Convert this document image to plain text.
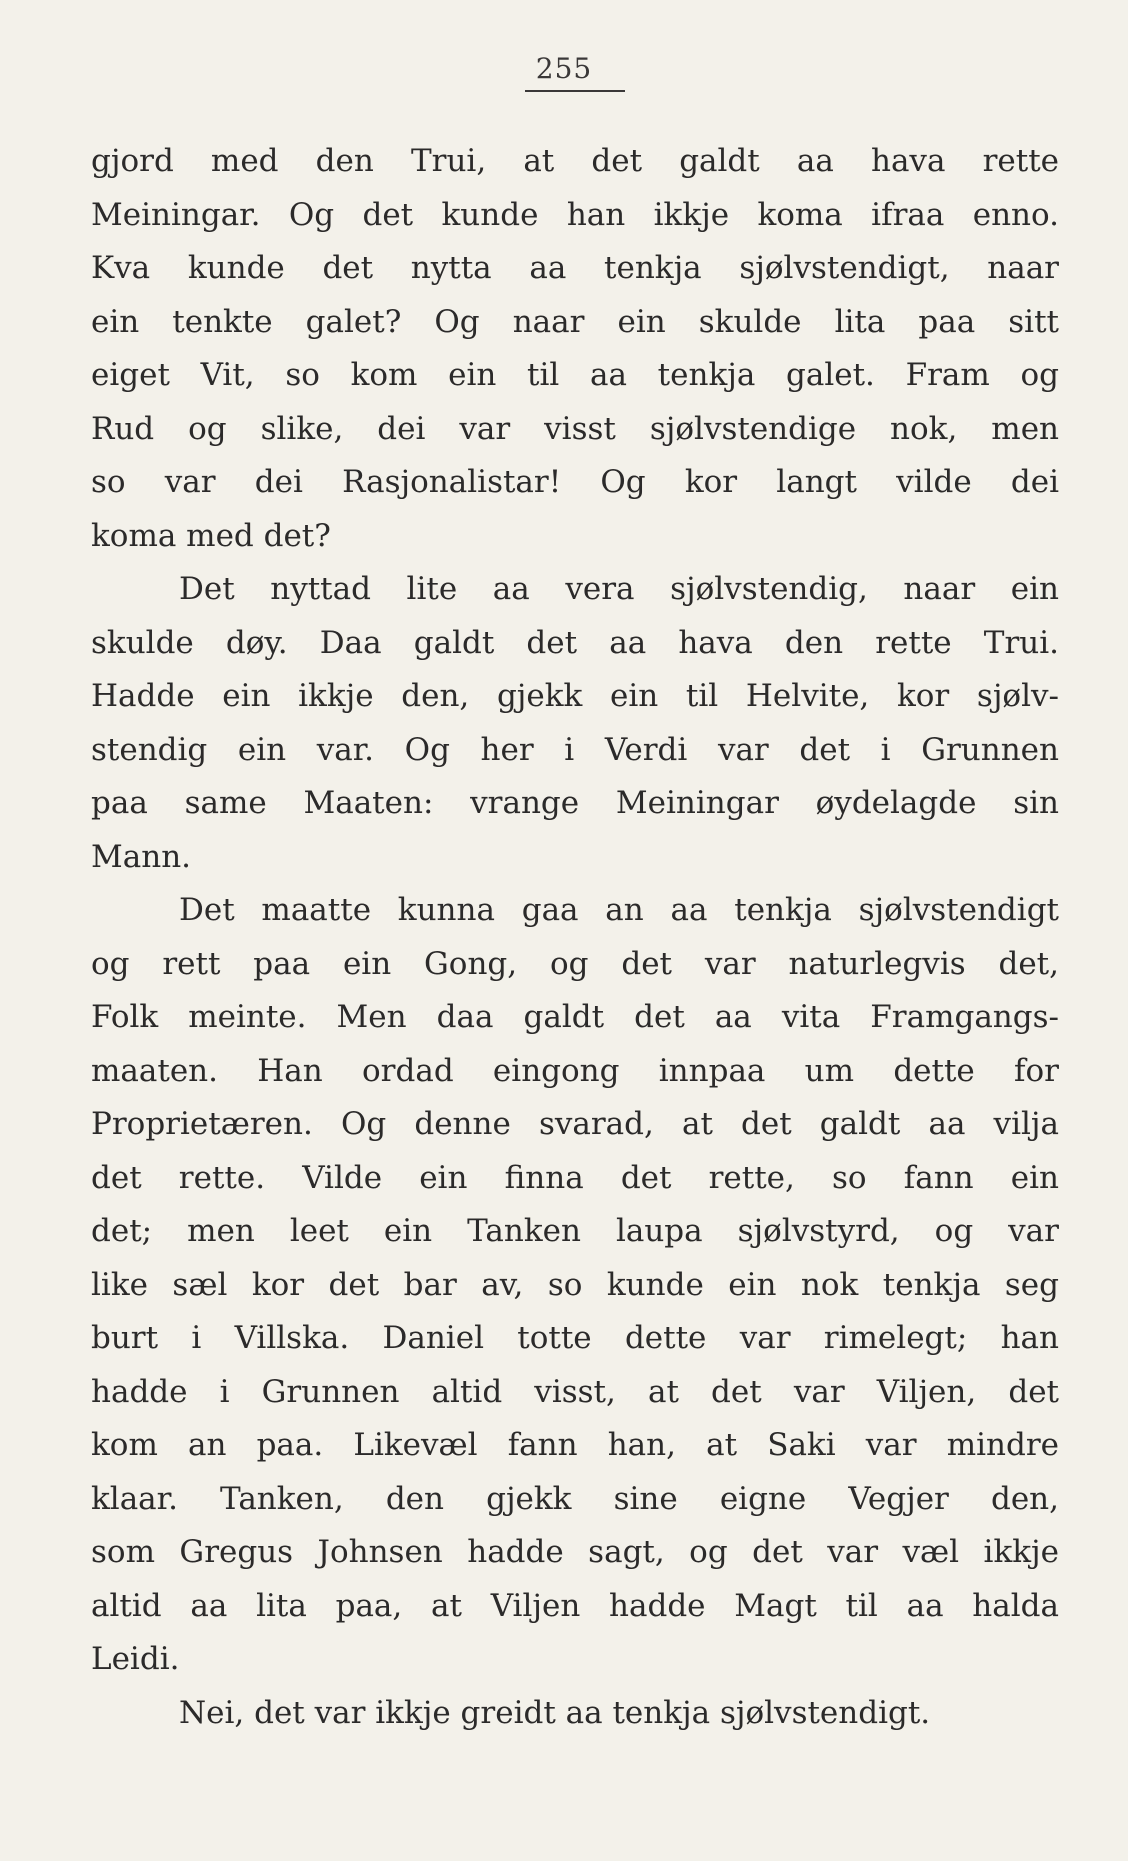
255
gjord med den Trui, at det galdt aa hava rette
Meiningar. Og det kunde han ikkje koma ifraa enno.
Kva kunde det nytta aa tenkja sjølvstendigt, naar
ein tenkte galet? Og naar ein skulde lita paa sitt
eiget Vit, so kom ein til aa tenkja galet. Fram og
Rud og slike, dei var visst sjølvstendige nok, men
so var dei Rasjonalistar! Og kor langt vilde dei
koma med det?
Det nyttad lite aa vera sjølvstendig, naar ein
skulde døy. Daa galdt det aa hava den rette Trui.
Hadde ein ikkje den, gjekk ein til Helvite, kor sjølv-
stendig ein var. Og her i Verdi var det i Grunnen
paa same Maaten: vrange Meiningar øydelagde sin
Mann.
Det maatte kunna gaa an aa tenkja sjølvstendigt
og rett paa ein Gong, og det var naturlegvis det,
Folk meinte. Men daa galdt det aa vita Framgangs-
maaten. Han ordad eingong innpaa um dette for
Proprietæren. Og denne svarad, at det galdt aa vilja
det rette. Vilde ein finna det rette, so fann ein
det; men leet ein Tanken laupa sjølvstyrd, og var
like sæl kor det bar av, so kunde ein nok tenkja seg
burt i Villska. Daniel totte dette var rimelegt; han
hadde i Grunnen altid visst, at det var Viljen, det
kom an paa. Likevæl fann han, at Saki var mindre
klaar. Tanken, den gjekk sine eigne Vegjer den,
som Gregus Johnsen hadde sagt, og det var væl ikkje
altid aa lita paa, at Viljen hadde Magt til aa halda
Leidi.
Nei, det var ikkje greidt aa tenkja sjølvstendigt.
